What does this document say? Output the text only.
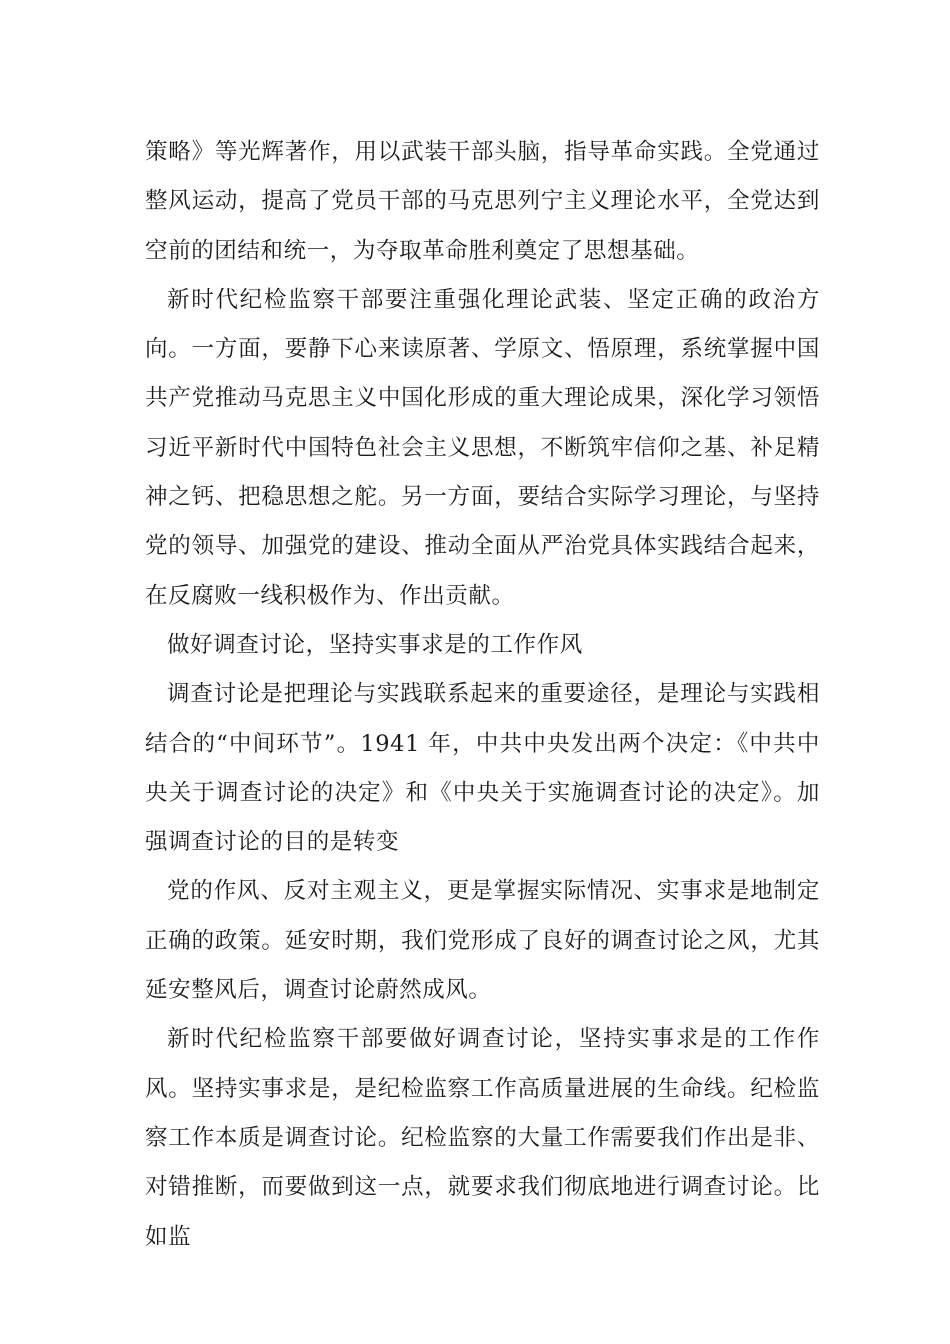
策略》等光辉著作，用以武装干部头脑，指导革命实践。全党通过整风运动，提高了党员干部的马克思列宁主义理论水平，全党达到空前的团结和统一，为夺取革命胜利奠定了思想基础。

新时代纪检监察干部要注重强化理论武装、坚定正确的政治方向。一方面，要静下心来读原著、学原文、悟原理，系统掌握中国共产党推动马克思主义中国化形成的重大理论成果，深化学习领悟习近平新时代中国特色社会主义思想，不断筑牢信仰之基、补足精神之钙、把稳思想之舵。另一方面，要结合实际学习理论，与坚持党的领导、加强党的建设、推动全面从严治党具体实践结合起来，在反腐败一线积极作为、作出贡献。

做好调查讨论，坚持实事求是的工作作风

调查讨论是把理论与实践联系起来的重要途径，是理论与实践相结合的“中间环节”。1941 年，中共中央发出两个决定：《中共中央关于调查讨论的决定》和《中央关于实施调查讨论的决定》。加强调查讨论的目的是转变

党的作风、反对主观主义，更是掌握实际情况、实事求是地制定正确的政策。延安时期，我们党形成了良好的调查讨论之风，尤其延安整风后，调查讨论蔚然成风。

新时代纪检监察干部要做好调查讨论，坚持实事求是的工作作风。坚持实事求是，是纪检监察工作高质量进展的生命线。纪检监察工作本质是调查讨论。纪检监察的大量工作需要我们作出是非、对错推断，而要做到这一点，就要求我们彻底地进行调查讨论。比如监
